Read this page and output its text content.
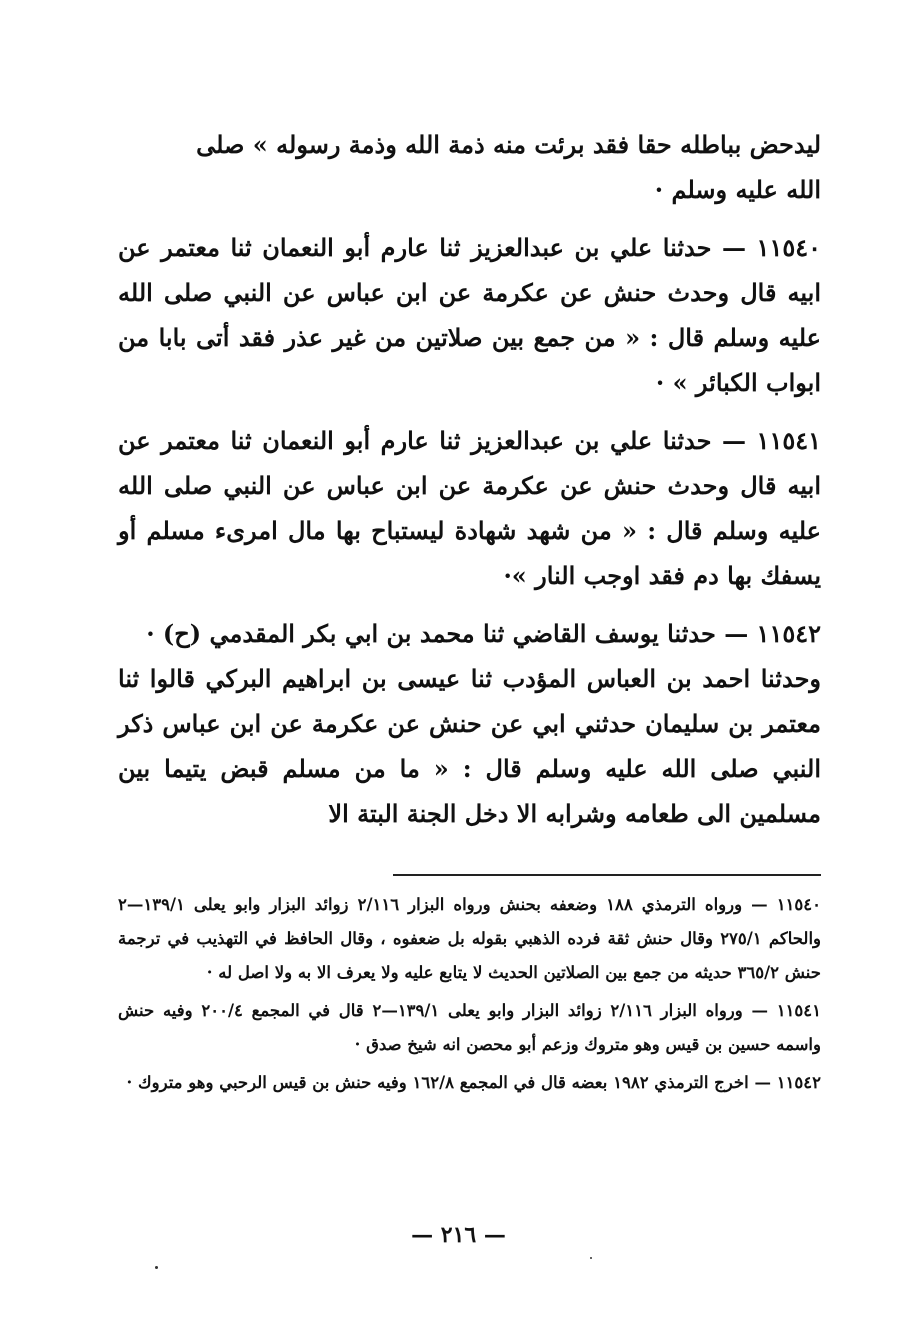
ليدحض بباطله حقا فقد برئت منه ذمة الله وذمة رسوله » صلى
الله عليه وسلم ·

١١٥٤٠ — حدثنا علي بن عبدالعزيز ثنا عارم أبو النعمان ثنا معتمر عن ابيه قال وحدث حنش عن عكرمة عن ابن عباس عن النبي صلى الله عليه وسلم قال : « من جمع بين صلاتين من غير عذر فقد أتى بابا من ابواب الكبائر » ·

١١٥٤١ — حدثنا علي بن عبدالعزيز ثنا عارم أبو النعمان ثنا معتمر عن ابيه قال وحدث حنش عن عكرمة عن ابن عباس عن النبي صلى الله عليه وسلم قال : « من شهد شهادة ليستباح بها مال امرىء مسلم أو يسفك بها دم فقد اوجب النار »·

١١٥٤٢ — حدثنا يوسف القاضي ثنا محمد بن ابي بكر المقدمي (ح) ·

وحدثنا احمد بن العباس المؤدب ثنا عيسى بن ابراهيم البركي قالوا ثنا معتمر بن سليمان حدثني ابي عن حنش عن عكرمة عن ابن عباس ذكر النبي صلى الله عليه وسلم قال : « ما من مسلم قبض يتيما بين مسلمين الى طعامه وشرابه الا دخل الجنة البتة الا

١١٥٤٠ — ورواه الترمذي ١٨٨ وضعفه بحنش ورواه البزار ٢/١١٦ زوائد البزار وابو يعلى ١٣٩/١—٢ والحاكم ٢٧٥/١ وقال حنش ثقة فرده الذهبي بقوله بل ضعفوه ، وقال الحافظ في التهذيب في ترجمة حنش ٣٦٥/٢ حديثه من جمع بين الصلاتين الحديث لا يتابع عليه ولا يعرف الا به ولا اصل له ·

١١٥٤١ — ورواه البزار ٢/١١٦ زوائد البزار وابو يعلى ١٣٩/١—٢ قال في المجمع ٢٠٠/٤ وفيه حنش واسمه حسين بن قيس وهو متروك وزعم أبو محصن انه شيخ صدق ·

١١٥٤٢ — اخرج الترمذي ١٩٨٢ بعضه قال في المجمع ١٦٢/٨ وفيه حنش بن قيس الرحبي وهو متروك ·

— ٢١٦ —
